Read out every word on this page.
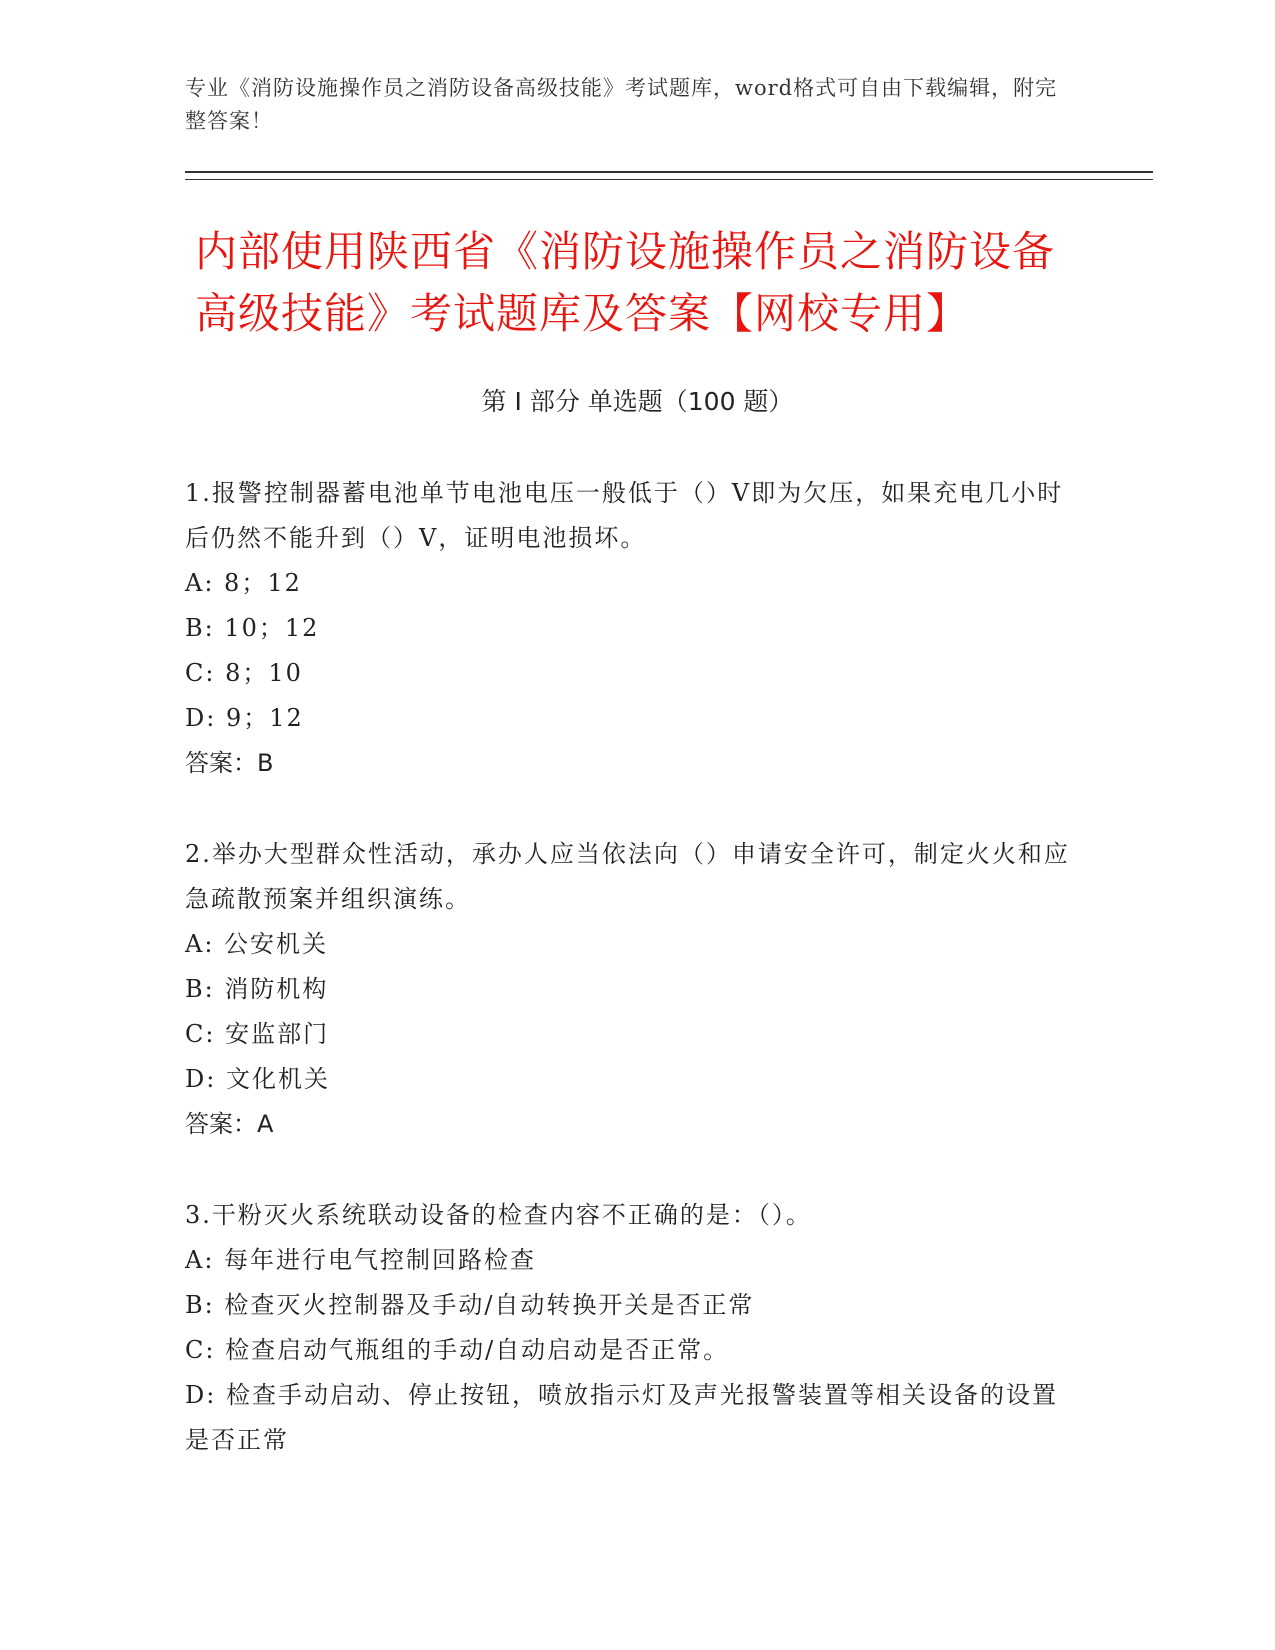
专业《消防设施操作员之消防设备高级技能》考试题库，word格式可自由下载编辑，附完整答案！
内部使用陕西省《消防设施操作员之消防设备高级技能》考试题库及答案【网校专用】
第 I 部分 单选题（100 题）

1.报警控制器蓄电池单节电池电压一般低于（）V即为欠压，如果充电几小时后仍然不能升到（）V，证明电池损坏。

A: 8；12

B: 10；12

C: 8；10

D: 9；12

答案：B

2.举办大型群众性活动，承办人应当依法向（）申请安全许可，制定火火和应急疏散预案并组织演练。

A: 公安机关

B: 消防机构

C: 安监部门

D: 文化机关

答案：A

3.干粉灭火系统联动设备的检查内容不正确的是：（）。

A: 每年进行电气控制回路检查

B: 检查灭火控制器及手动/自动转换开关是否正常

C: 检查启动气瓶组的手动/自动启动是否正常。

D: 检查手动启动、停止按钮，喷放指示灯及声光报警装置等相关设备的设置是否正常
